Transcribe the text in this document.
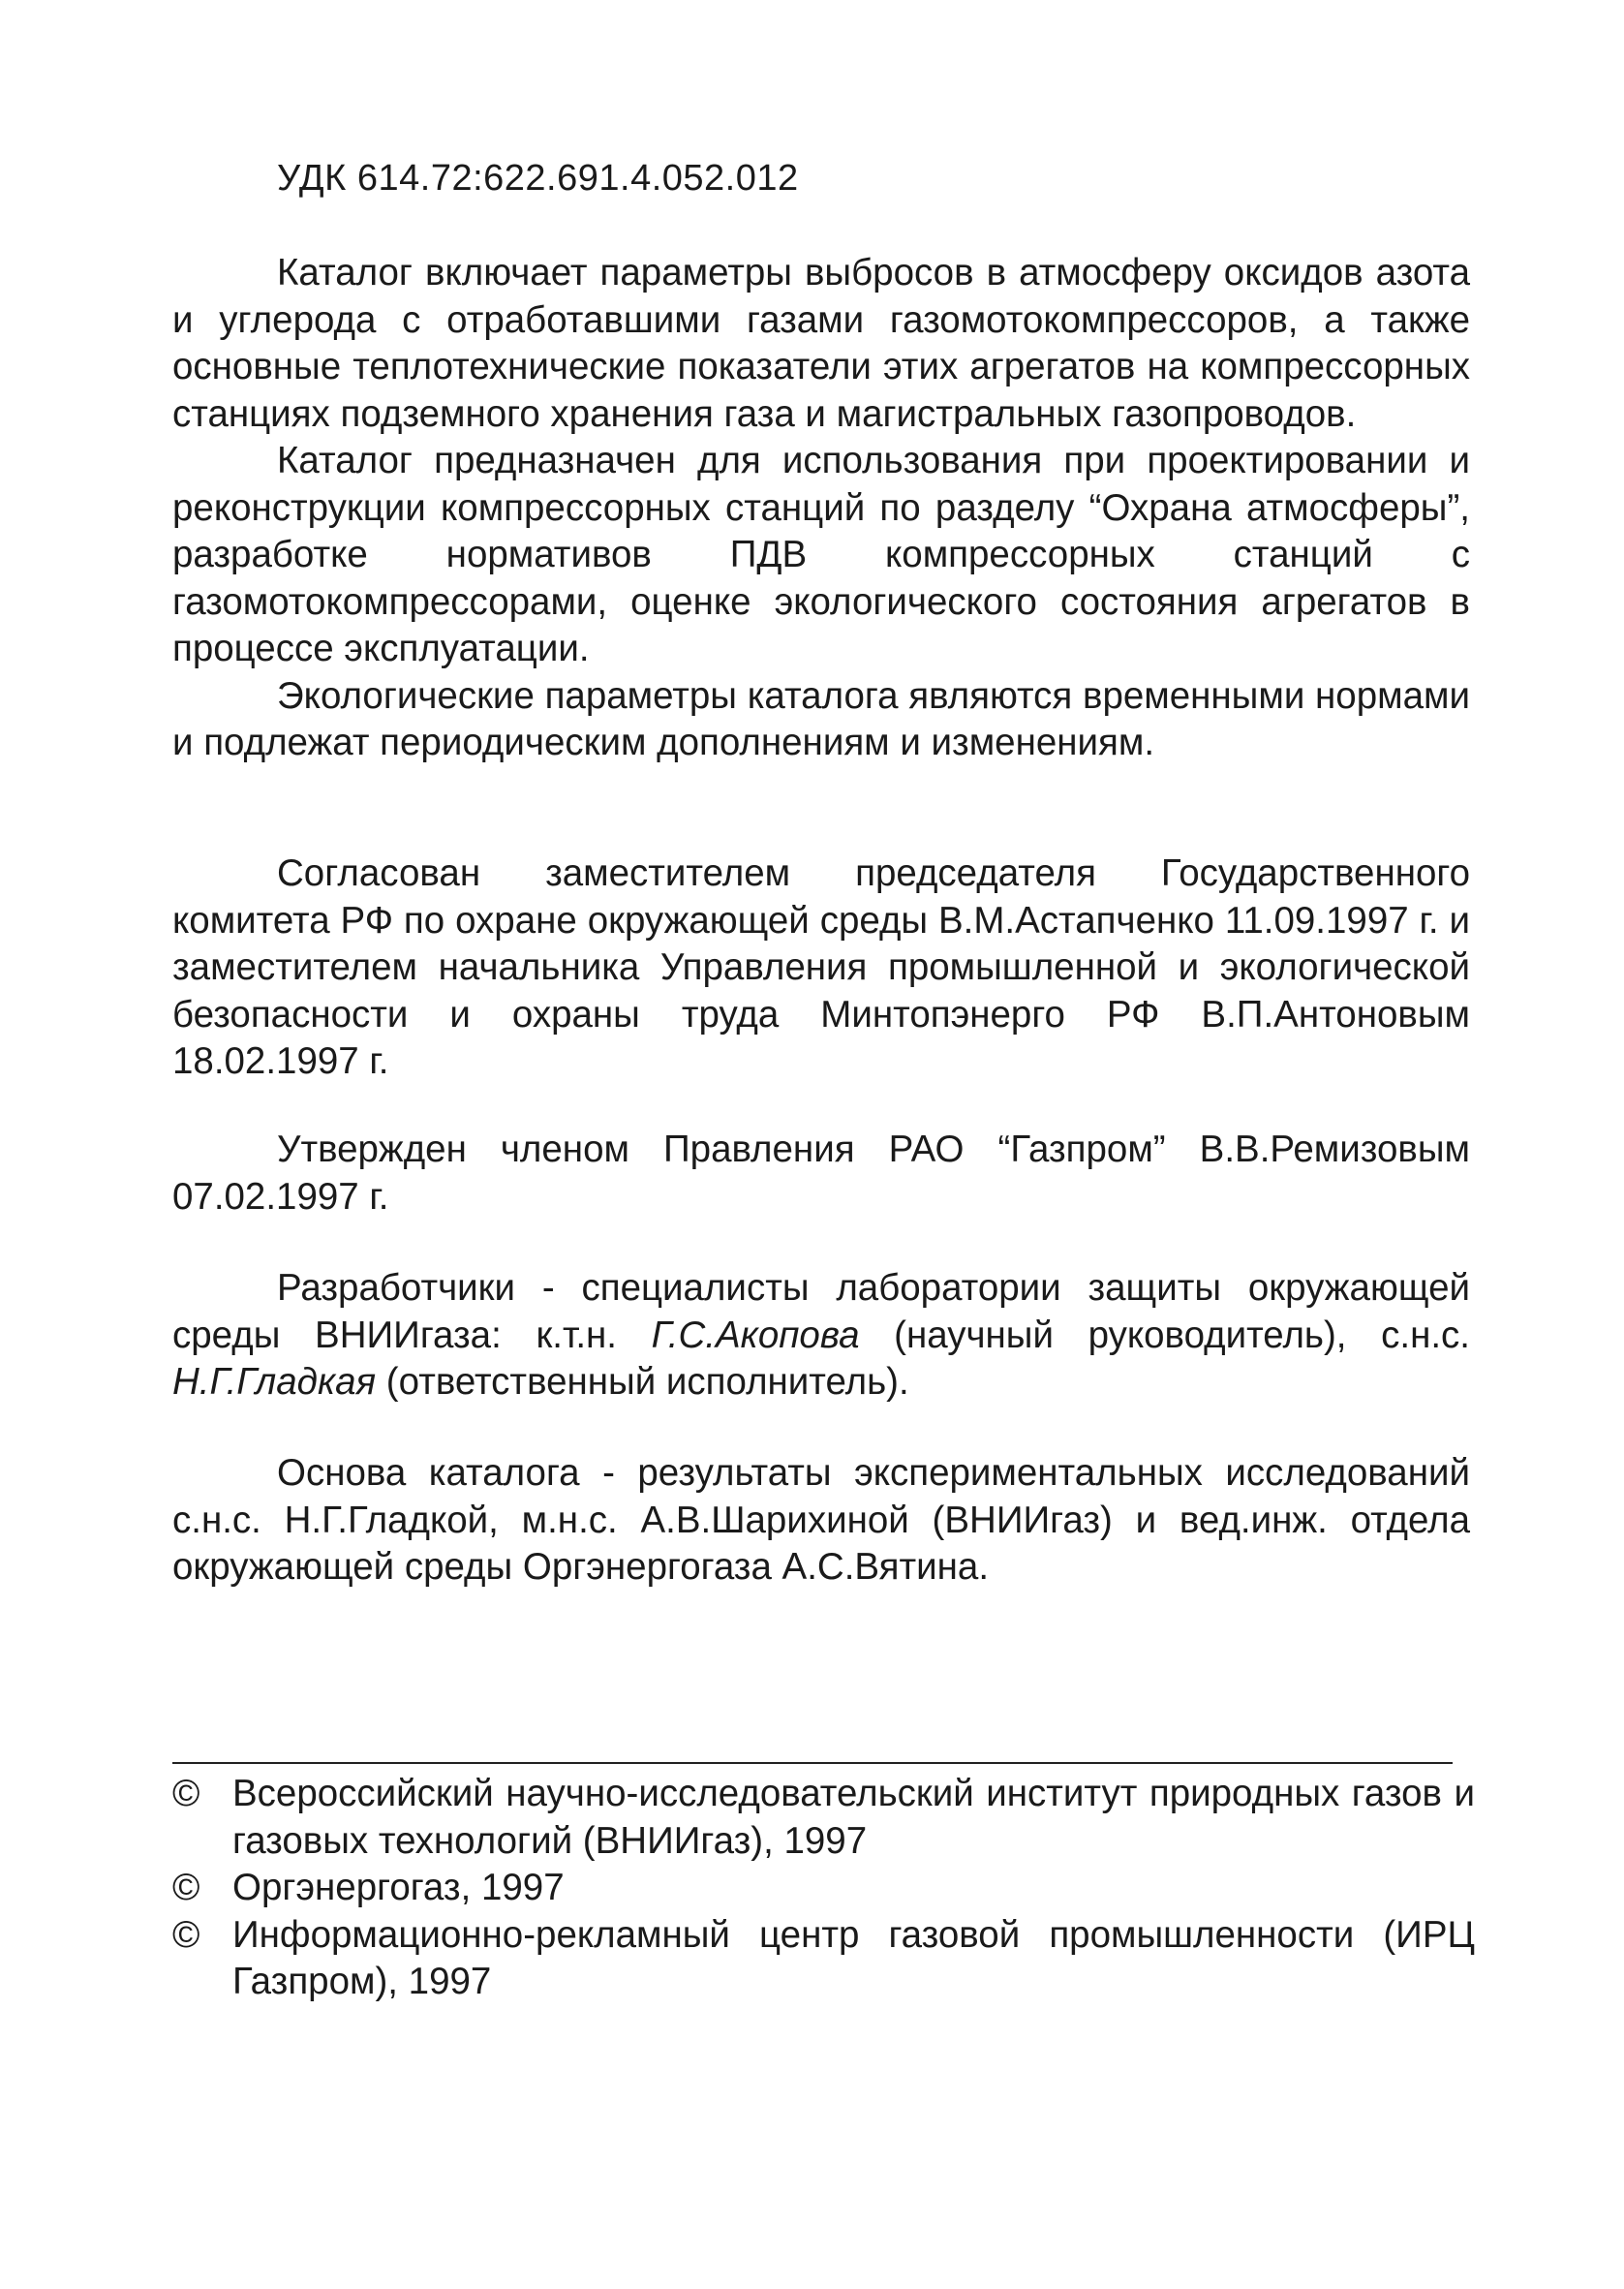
УДК 614.72:622.691.4.052.012

Каталог включает параметры выбросов в атмосферу оксидов азота и углерода с отработавшими газами газомотокомпрессоров, а также основные теплотехнические показатели этих агрегатов на компрессорных станциях подземного хранения газа и магистральных газопроводов.

Каталог предназначен для использования при проектировании и реконструкции компрессорных станций по разделу “Охрана атмосферы”, разработке нормативов ПДВ компрессорных станций с газомотокомпрессорами, оценке экологического состояния агрегатов в процессе эксплуатации.

Экологические параметры каталога являются временными нормами и подлежат периодическим дополнениям и изменениям.

Согласован заместителем председателя Государственного комитета РФ по охране окружающей среды В.М.Астапченко 11.09.1997 г. и заместителем начальника Управления промышленной и экологической безопасности и охраны труда Минтопэнерго РФ В.П.Антоновым 18.02.1997 г.

Утвержден членом Правления РАО “Газпром” В.В.Ремизовым 07.02.1997 г.

Разработчики - специалисты лаборатории защиты окружающей среды ВНИИгаза: к.т.н. Г.С.Акопова (научный руководитель), с.н.с. Н.Г.Гладкая (ответственный исполнитель).

Основа каталога - результаты экспериментальных исследований с.н.с. Н.Г.Гладкой, м.н.с. А.В.Шарихиной (ВНИИгаз) и вед.инж. отдела окружающей среды Оргэнергогаза А.С.Вятина.

© Всероссийский научно-исследовательский институт природных газов и газовых технологий (ВНИИгаз), 1997
© Оргэнергогаз, 1997
© Информационно-рекламный центр газовой промышленности (ИРЦ Газпром), 1997
